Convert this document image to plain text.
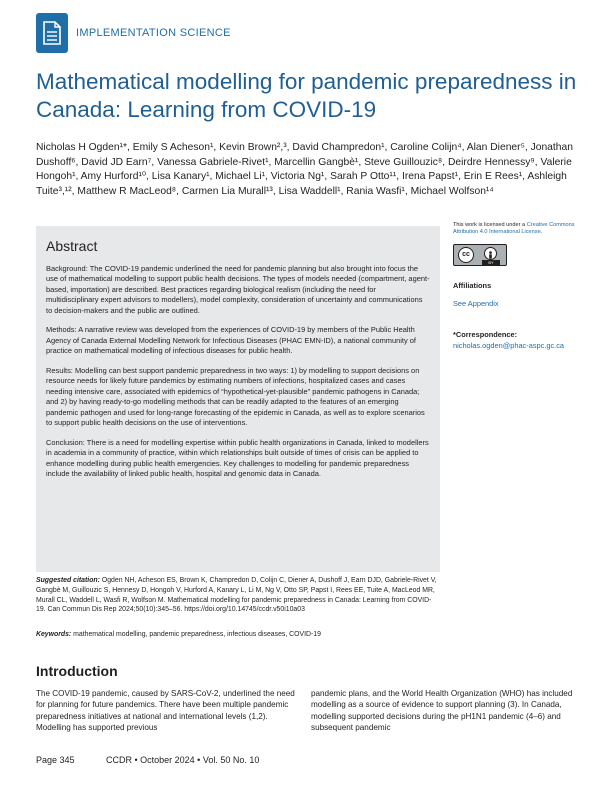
IMPLEMENTATION SCIENCE
Mathematical modelling for pandemic preparedness in Canada: Learning from COVID-19
Nicholas H Ogden¹*, Emily S Acheson¹, Kevin Brown²,³, David Champredon¹, Caroline Colijn⁴, Alan Diener⁵, Jonathan Dushoff⁶, David JD Earn⁷, Vanessa Gabriele-Rivet¹, Marcellin Gangbè¹, Steve Guillouzic⁸, Deirdre Hennessy⁹, Valerie Hongoh¹, Amy Hurford¹⁰, Lisa Kanary¹, Michael Li¹, Victoria Ng¹, Sarah P Otto¹¹, Irena Papst¹, Erin E Rees¹, Ashleigh Tuite³,¹², Matthew R MacLeod⁸, Carmen Lia Murall¹³, Lisa Waddell¹, Rania Wasfi¹, Michael Wolfson¹⁴
Abstract

Background: The COVID-19 pandemic underlined the need for pandemic planning but also brought into focus the use of mathematical modelling to support public health decisions. The types of models needed (compartment, agent-based, importation) are described. Best practices regarding biological realism (including the need for multidisciplinary expert advisors to modellers), model complexity, consideration of uncertainty and communications to decision-makers and the public are outlined.

Methods: A narrative review was developed from the experiences of COVID-19 by members of the Public Health Agency of Canada External Modelling Network for Infectious Diseases (PHAC EMN-ID), a national community of practice on mathematical modelling of infectious diseases for public health.

Results: Modelling can best support pandemic preparedness in two ways: 1) by modelling to support decisions on resource needs for likely future pandemics by estimating numbers of infections, hospitalized cases and cases needing intensive care, associated with epidemics of “hypothetical-yet-plausible” pandemic pathogens in Canada; and 2) by having ready-to-go modelling methods that can be readily adapted to the features of an emerging pandemic pathogen and used for long-range forecasting of the epidemic in Canada, as well as to explore scenarios to support public health decisions on the use of interventions.

Conclusion: There is a need for modelling expertise within public health organizations in Canada, linked to modellers in academia in a community of practice, within which relationships built outside of times of crisis can be applied to enhance modelling during public health emergencies. Key challenges to modelling for pandemic preparedness include the availability of linked public health, hospital and genomic data in Canada.

This work is licensed under a Creative Commons Attribution 4.0 International License.
cc
BY
Affiliations
See Appendix
*Correspondence:
nicholas.ogden@phac-aspc.gc.ca
Suggested citation: Ogden NH, Acheson ES, Brown K, Champredon D, Colijn C, Diener A, Dushoff J, Earn DJD, Gabriele-Rivet V, Gangbè M, Guillouzic S, Hennesy D, Hongoh V, Hurford A, Kanary L, Li M, Ng V, Otto SP, Papst I, Rees EE, Tuite A, MacLeod MR, Murall CL, Waddell L, Wasfi R, Wolfson M. Mathematical modelling for pandemic preparedness in Canada: Learning from COVID-19. Can Commun Dis Rep 2024;50(10):345–56. https://doi.org/10.14745/ccdr.v50i10a03
Keywords: mathematical modelling, pandemic preparedness, infectious diseases, COVID-19
Introduction
The COVID-19 pandemic, caused by SARS-CoV-2, underlined the need for planning for future pandemics. There have been multiple pandemic preparedness initiatives at national and international levels (1,2). Modelling has supported previous
pandemic plans, and the World Health Organization (WHO) has included modelling as a source of evidence to support planning (3). In Canada, modelling supported decisions during the pH1N1 pandemic (4–6) and subsequent pandemic
Page 345	CCDR • October 2024 • Vol. 50 No. 10
